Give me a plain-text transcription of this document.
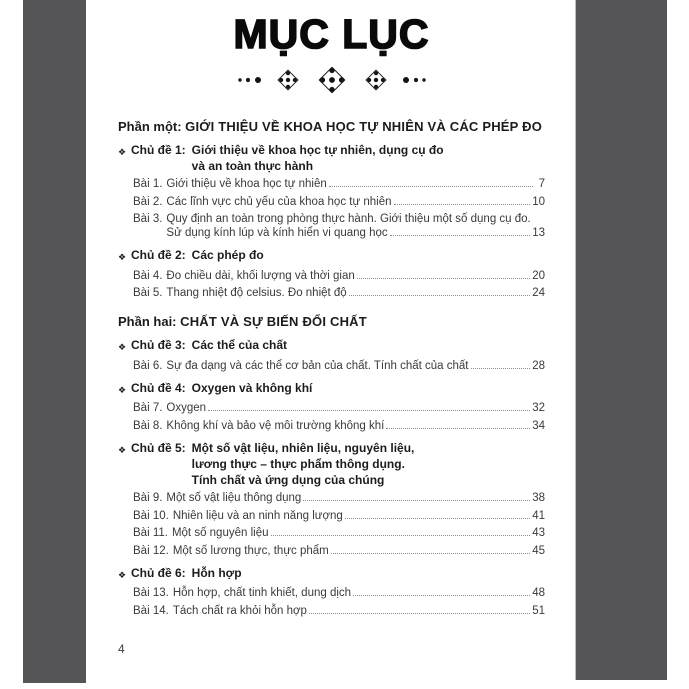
MỤC LỤC
Phần một: GIỚI THIỆU VỀ KHOA HỌC TỰ NHIÊN VÀ CÁC PHÉP ĐO
❖ Chủ đề 1: Giới thiệu về khoa học tự nhiên, dụng cụ đo
và an toàn thực hành
Bài 1. Giới thiệu về khoa học tự nhiên	7
Bài 2. Các lĩnh vực chủ yếu của khoa học tự nhiên	10
Bài 3. Quy định an toàn trong phòng thực hành. Giới thiệu một số dụng cụ đo.
Sử dụng kính lúp và kính hiển vi quang học	13
❖ Chủ đề 2: Các phép đo
Bài 4. Đo chiều dài, khối lượng và thời gian	20
Bài 5. Thang nhiệt độ celsius. Đo nhiệt độ	24
Phần hai: CHẤT VÀ SỰ BIẾN ĐỔI CHẤT
❖ Chủ đề 3: Các thể của chất
Bài 6. Sự đa dạng và các thể cơ bản của chất. Tính chất của chất	28
❖ Chủ đề 4: Oxygen và không khí
Bài 7. Oxygen	32
Bài 8. Không khí và bảo vệ môi trường không khí	34
❖ Chủ đề 5: Một số vật liệu, nhiên liệu, nguyên liệu,
lương thực – thực phẩm thông dụng.
Tính chất và ứng dụng của chúng
Bài 9. Một số vật liệu thông dụng	38
Bài 10. Nhiên liệu và an ninh năng lượng	41
Bài 11. Một số nguyên liệu	43
Bài 12. Một số lương thực, thực phẩm	45
❖ Chủ đề 6: Hỗn hợp
Bài 13. Hỗn hợp, chất tinh khiết, dung dịch	48
Bài 14. Tách chất ra khỏi hỗn hợp	51
4
